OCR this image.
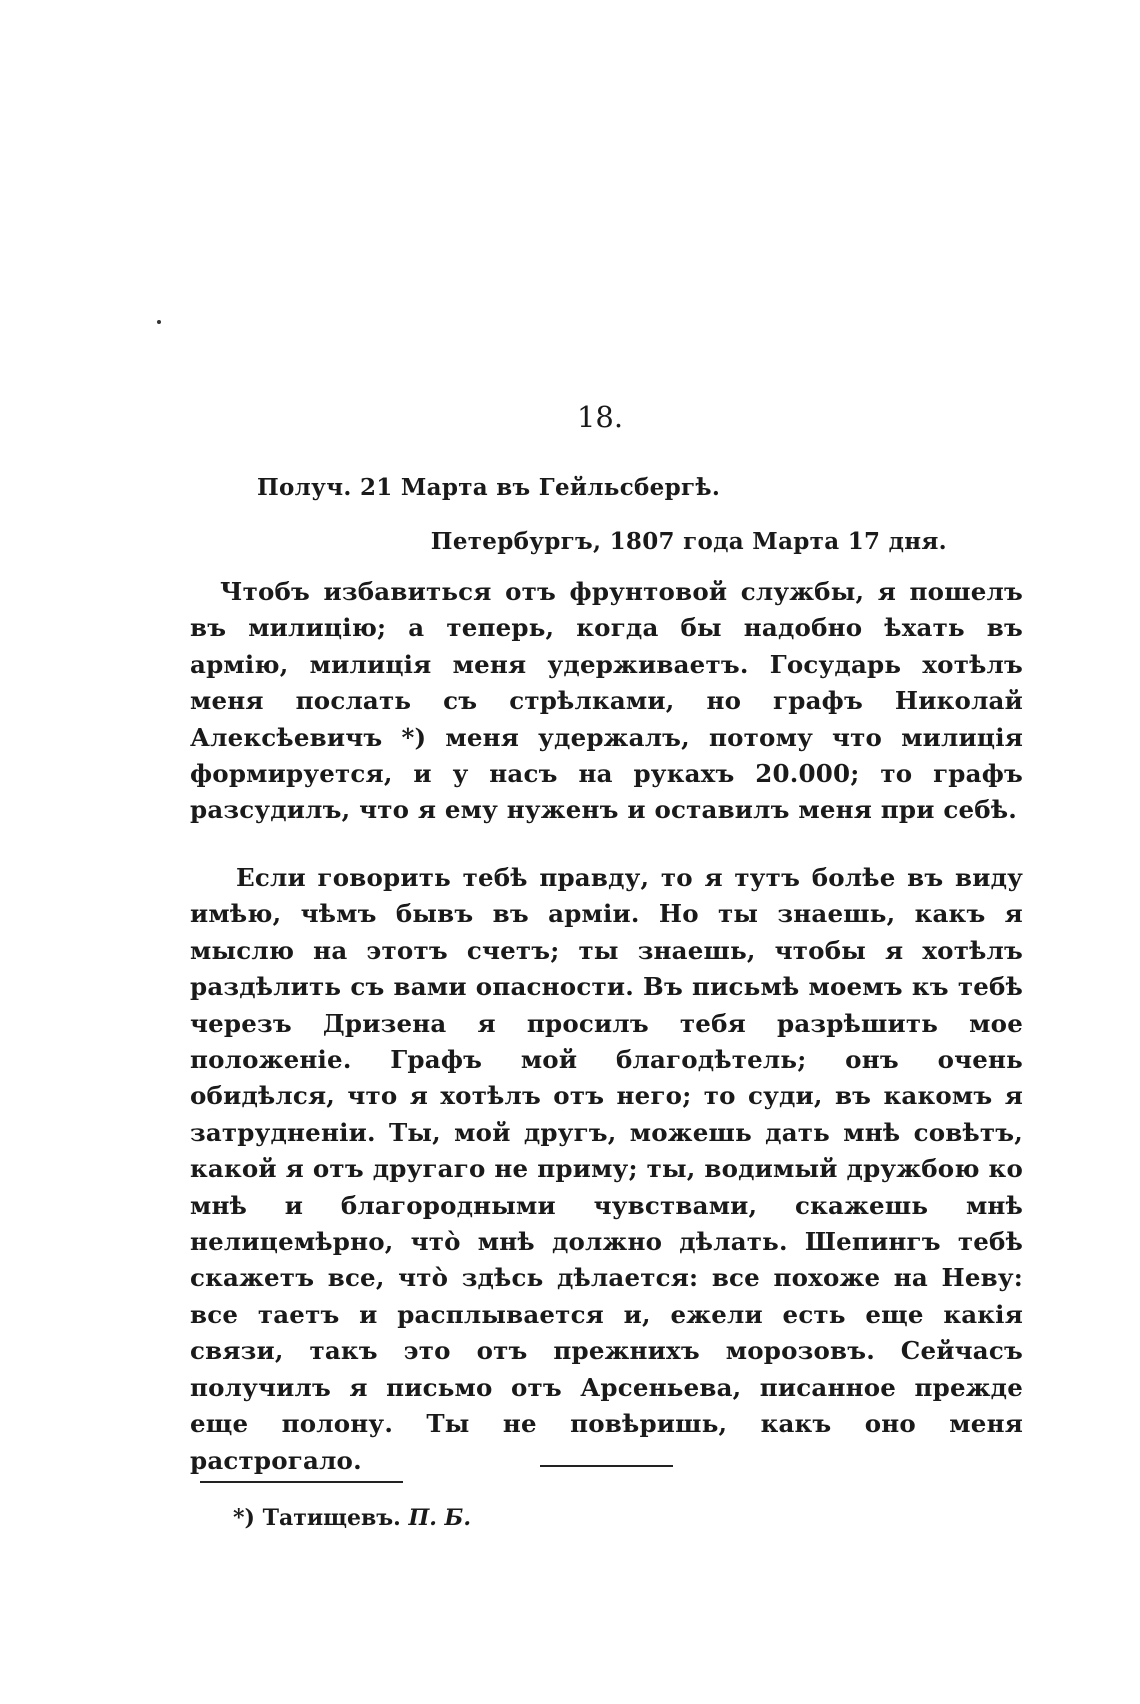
18.
Получ. 21 Марта въ Гейльсбергѣ.
Петербургъ, 1807 года Марта 17 дня.
Чтобъ избавиться отъ фрунтовой службы, я пошелъ въ милицію; а теперь, когда бы надобно ѣхать въ армію, милиція меня удерживаетъ. Государь хотѣлъ меня послать съ стрѣлками, но графъ Николай Алексѣевичъ *) меня удержалъ, потому что милиція формируется, и у насъ на рукахъ 20.000; то графъ разсудилъ, что я ему нуженъ и оставилъ меня при себѣ.
Если говорить тебѣ правду, то я тутъ болѣе въ виду имѣю, чѣмъ бывъ въ арміи. Но ты знаешь, какъ я мыслю на этотъ счетъ; ты знаешь, чтобы я хотѣлъ раздѣлить съ вами опасности. Въ письмѣ моемъ къ тебѣ черезъ Дризена я просилъ тебя разрѣшить мое положеніе. Графъ мой благодѣтель; онъ очень обидѣлся, что я хотѣлъ отъ него; то суди, въ какомъ я затрудненіи. Ты, мой другъ, можешь дать мнѣ совѣтъ, какой я отъ другаго не приму; ты, водимый дружбою ко мнѣ и благородными чувствами, скажешь мнѣ нелицемѣрно, что̀ мнѣ должно дѣлать. Шепингъ тебѣ скажетъ все, что̀ здѣсь дѣлается: все похоже на Неву: все таетъ и расплывается и, ежели есть еще какія связи, такъ это отъ прежнихъ морозовъ. Сейчасъ получилъ я письмо отъ Арсеньева, писанное прежде еще полону. Ты не повѣришь, какъ оно меня растрогало.
*) Татищевъ. П. Б.
